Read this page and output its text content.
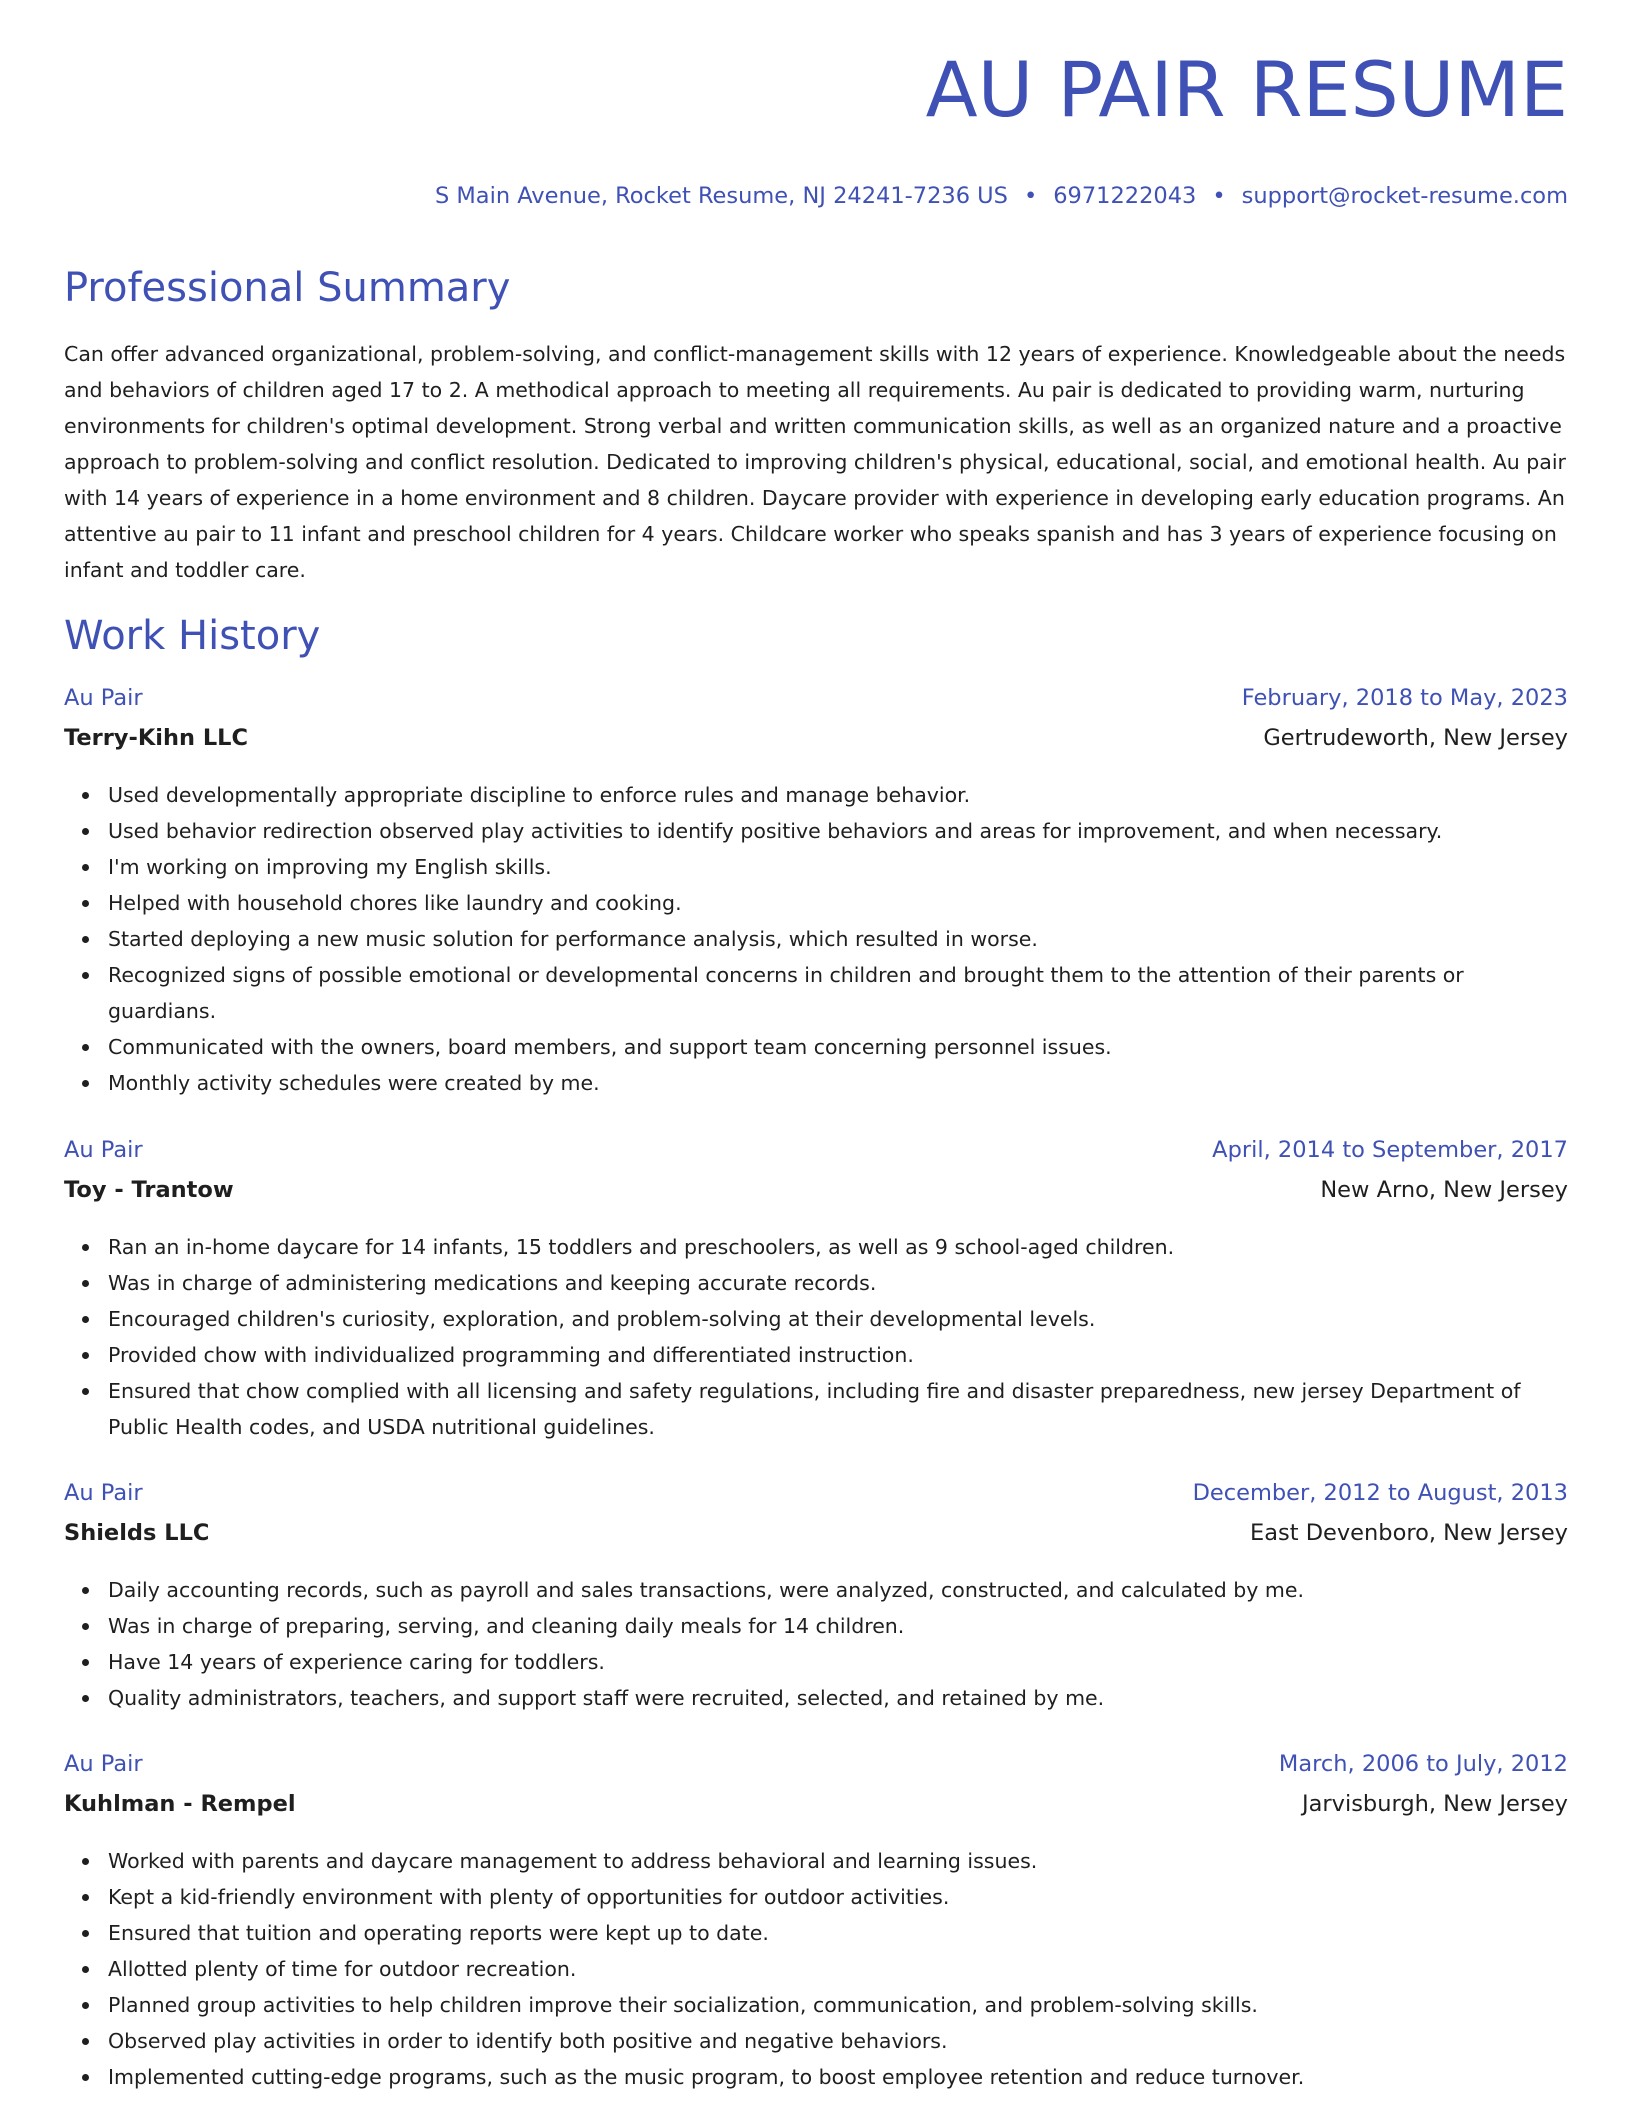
AU PAIR RESUME
S Main Avenue, Rocket Resume, NJ 24241-7236 US • 6971222043 • support@rocket-resume.com
Professional Summary

Can offer advanced organizational, problem-solving, and conflict-management skills with 12 years of experience. Knowledgeable about the needs and behaviors of children aged 17 to 2. A methodical approach to meeting all requirements. Au pair is dedicated to providing warm, nurturing environments for children's optimal development. Strong verbal and written communication skills, as well as an organized nature and a proactive approach to problem-solving and conflict resolution. Dedicated to improving children's physical, educational, social, and emotional health. Au pair with 14 years of experience in a home environment and 8 children. Daycare provider with experience in developing early education programs. An attentive au pair to 11 infant and preschool children for 4 years. Childcare worker who speaks spanish and has 3 years of experience focusing on infant and toddler care.

Work History
Au Pair	February, 2018 to May, 2023
Terry-Kihn LLC	Gertrudeworth, New Jersey
Used developmentally appropriate discipline to enforce rules and manage behavior.
Used behavior redirection observed play activities to identify positive behaviors and areas for improvement, and when necessary.
I'm working on improving my English skills.
Helped with household chores like laundry and cooking.
Started deploying a new music solution for performance analysis, which resulted in worse.
Recognized signs of possible emotional or developmental concerns in children and brought them to the attention of their parents or guardians.
Communicated with the owners, board members, and support team concerning personnel issues.
Monthly activity schedules were created by me.
Au Pair	April, 2014 to September, 2017
Toy - Trantow	New Arno, New Jersey
Ran an in-home daycare for 14 infants, 15 toddlers and preschoolers, as well as 9 school-aged children.
Was in charge of administering medications and keeping accurate records.
Encouraged children's curiosity, exploration, and problem-solving at their developmental levels.
Provided chow with individualized programming and differentiated instruction.
Ensured that chow complied with all licensing and safety regulations, including fire and disaster preparedness, new jersey Department of Public Health codes, and USDA nutritional guidelines.
Au Pair	December, 2012 to August, 2013
Shields LLC	East Devenboro, New Jersey
Daily accounting records, such as payroll and sales transactions, were analyzed, constructed, and calculated by me.
Was in charge of preparing, serving, and cleaning daily meals for 14 children.
Have 14 years of experience caring for toddlers.
Quality administrators, teachers, and support staff were recruited, selected, and retained by me.
Au Pair	March, 2006 to July, 2012
Kuhlman - Rempel	Jarvisburgh, New Jersey
Worked with parents and daycare management to address behavioral and learning issues.
Kept a kid-friendly environment with plenty of opportunities for outdoor activities.
Ensured that tuition and operating reports were kept up to date.
Allotted plenty of time for outdoor recreation.
Planned group activities to help children improve their socialization, communication, and problem-solving skills.
Observed play activities in order to identify both positive and negative behaviors.
Implemented cutting-edge programs, such as the music program, to boost employee retention and reduce turnover.
